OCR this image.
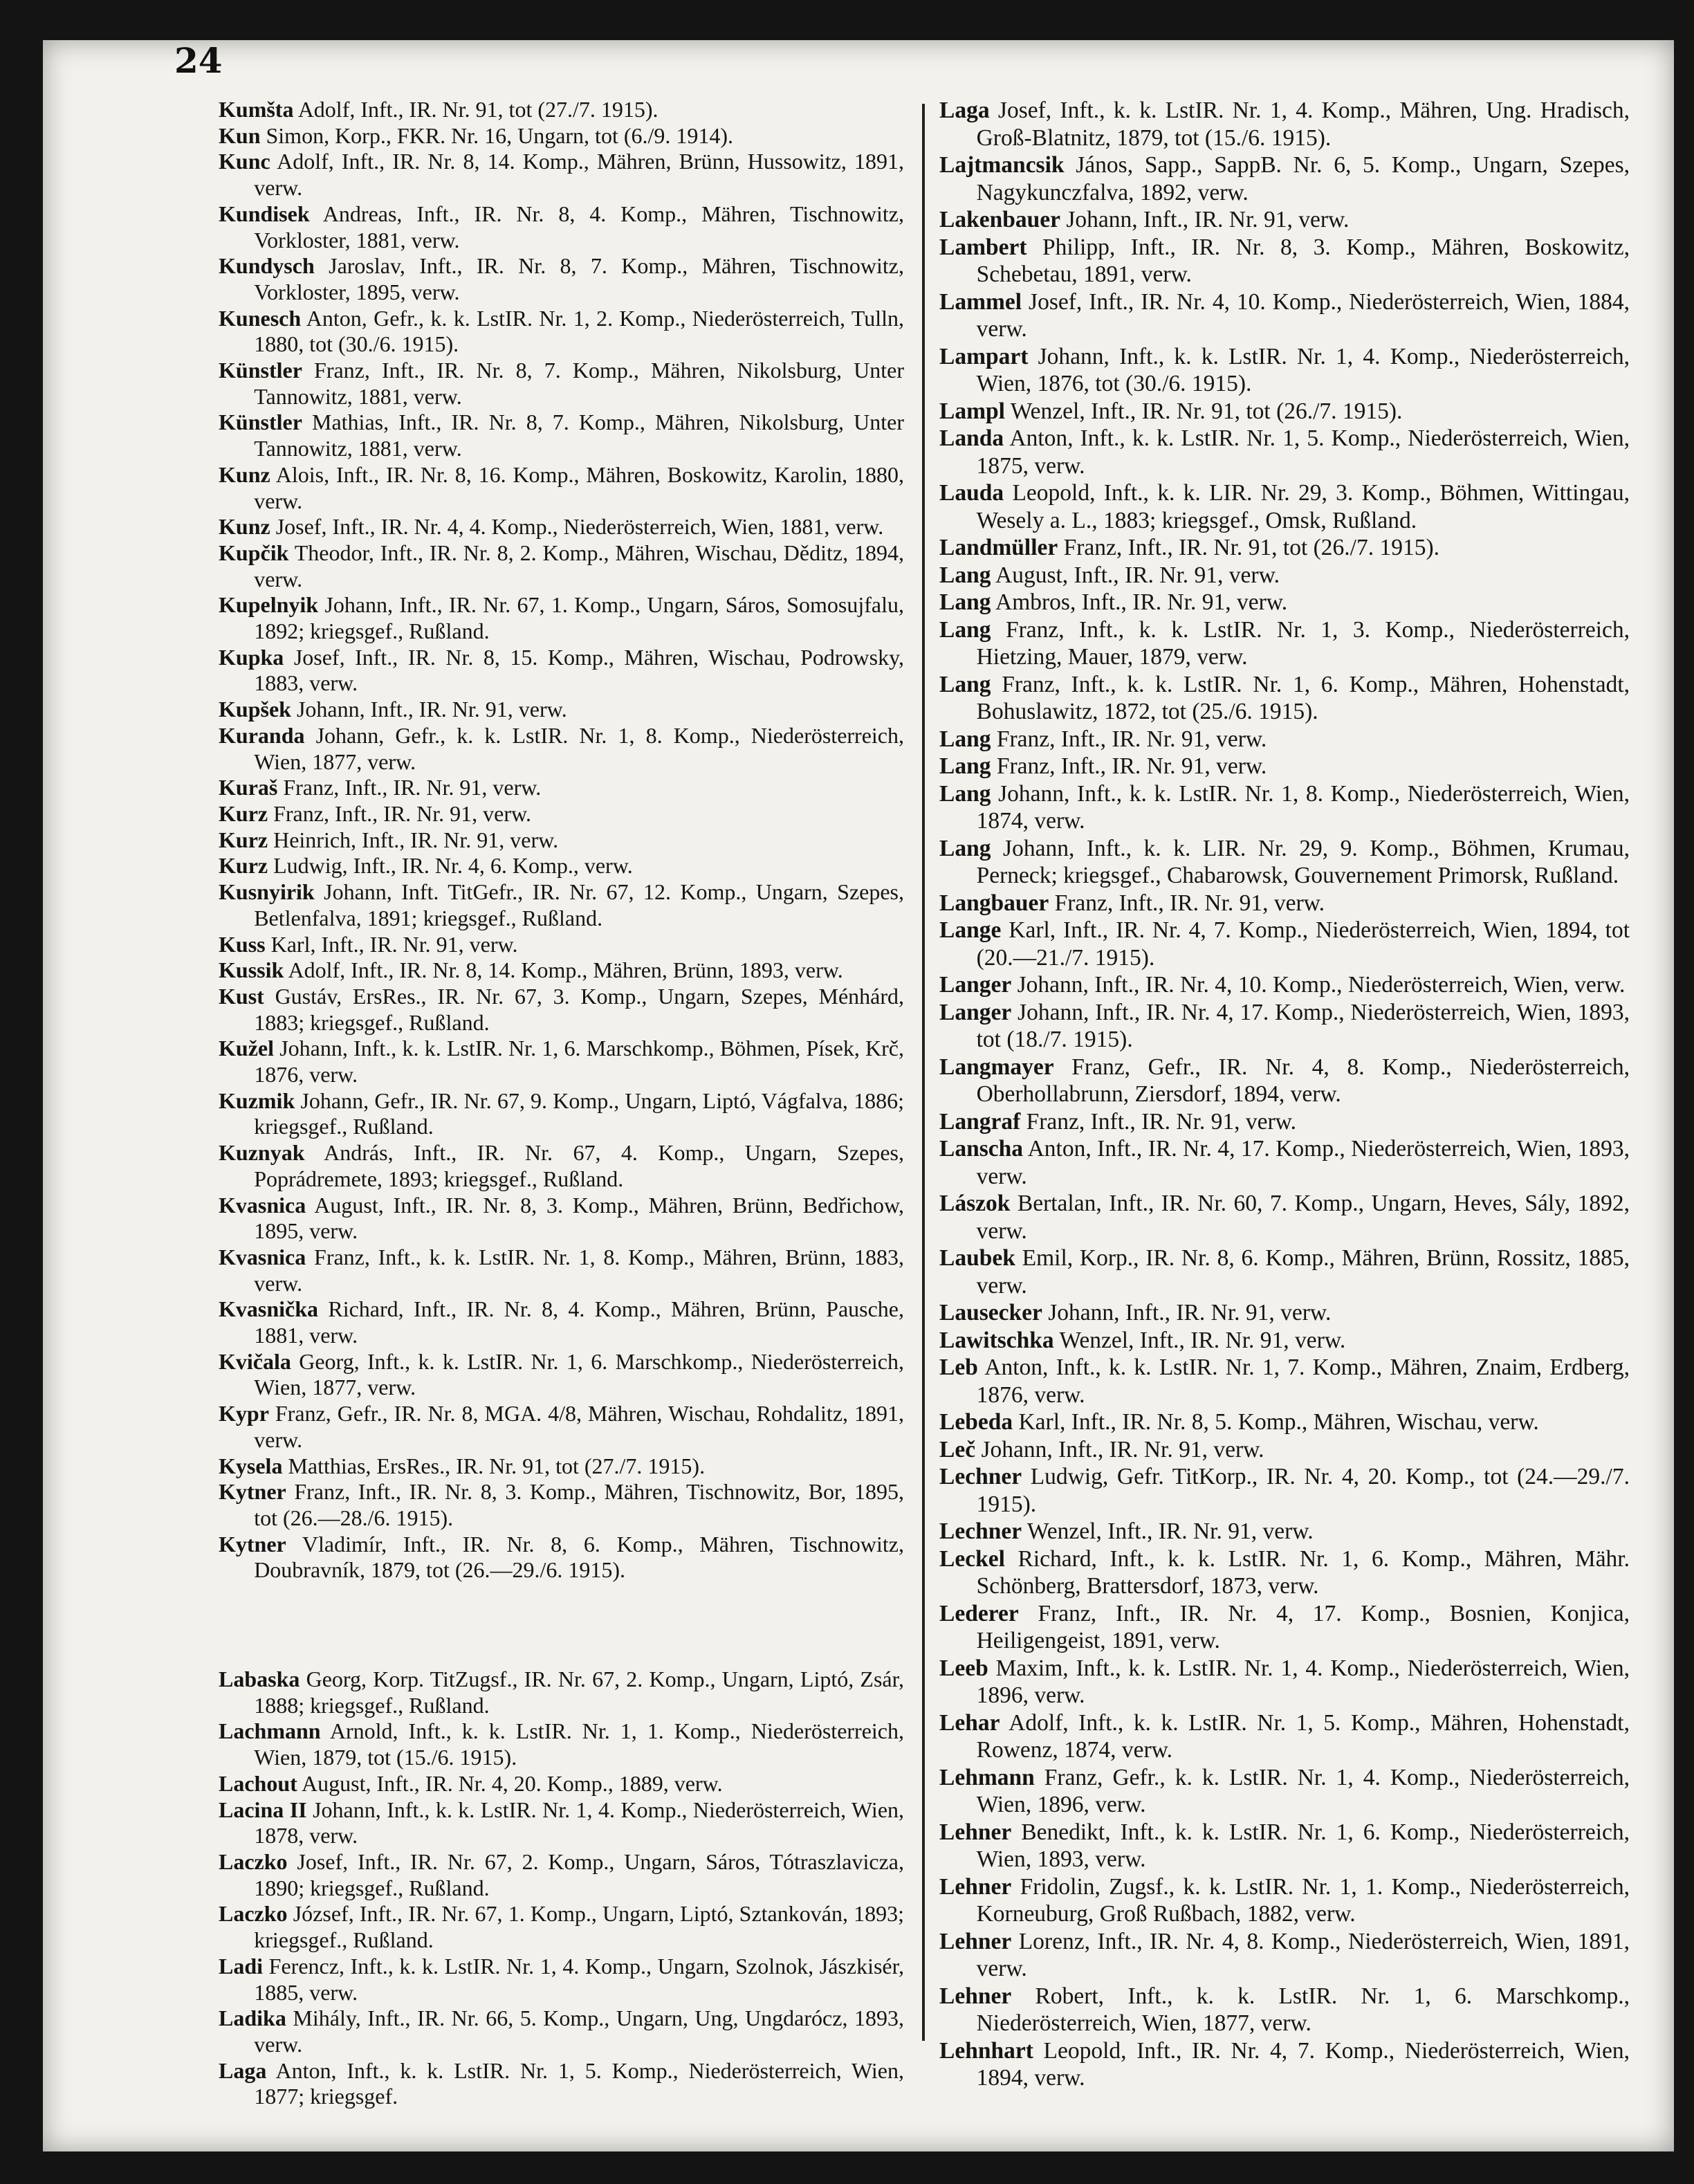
24

Kumšta Adolf, Inft., IR. Nr. 91, tot (27./7. 1915).

Kun Simon, Korp., FKR. Nr. 16, Ungarn, tot (6./9. 1914).

Kunc Adolf, Inft., IR. Nr. 8, 14. Komp., Mähren, Brünn, Hussowitz, 1891, verw.

Kundisek Andreas, Inft., IR. Nr. 8, 4. Komp., Mähren, Tischnowitz, Vorkloster, 1881, verw.

Kundysch Jaroslav, Inft., IR. Nr. 8, 7. Komp., Mähren, Tischnowitz, Vorkloster, 1895, verw.

Kunesch Anton, Gefr., k. k. LstIR. Nr. 1, 2. Komp., Niederösterreich, Tulln, 1880, tot (30./6. 1915).

Künstler Franz, Inft., IR. Nr. 8, 7. Komp., Mähren, Nikolsburg, Unter Tannowitz, 1881, verw.

Künstler Mathias, Inft., IR. Nr. 8, 7. Komp., Mähren, Nikolsburg, Unter Tannowitz, 1881, verw.

Kunz Alois, Inft., IR. Nr. 8, 16. Komp., Mähren, Boskowitz, Karolin, 1880, verw.

Kunz Josef, Inft., IR. Nr. 4, 4. Komp., Niederösterreich, Wien, 1881, verw.

Kupčik Theodor, Inft., IR. Nr. 8, 2. Komp., Mähren, Wischau, Děditz, 1894, verw.

Kupelnyik Johann, Inft., IR. Nr. 67, 1. Komp., Ungarn, Sáros, Somosujfalu, 1892; kriegsgef., Rußland.

Kupka Josef, Inft., IR. Nr. 8, 15. Komp., Mähren, Wischau, Podrowsky, 1883, verw.

Kupšek Johann, Inft., IR. Nr. 91, verw.

Kuranda Johann, Gefr., k. k. LstIR. Nr. 1, 8. Komp., Niederösterreich, Wien, 1877, verw.

Kuraš Franz, Inft., IR. Nr. 91, verw.

Kurz Franz, Inft., IR. Nr. 91, verw.

Kurz Heinrich, Inft., IR. Nr. 91, verw.

Kurz Ludwig, Inft., IR. Nr. 4, 6. Komp., verw.

Kusnyirik Johann, Inft. TitGefr., IR. Nr. 67, 12. Komp., Ungarn, Szepes, Betlenfalva, 1891; kriegsgef., Rußland.

Kuss Karl, Inft., IR. Nr. 91, verw.

Kussik Adolf, Inft., IR. Nr. 8, 14. Komp., Mähren, Brünn, 1893, verw.

Kust Gustáv, ErsRes., IR. Nr. 67, 3. Komp., Ungarn, Szepes, Ménhárd, 1883; kriegsgef., Rußland.

Kužel Johann, Inft., k. k. LstIR. Nr. 1, 6. Marschkomp., Böhmen, Písek, Krč, 1876, verw.

Kuzmik Johann, Gefr., IR. Nr. 67, 9. Komp., Ungarn, Liptó, Vágfalva, 1886; kriegsgef., Rußland.

Kuznyak András, Inft., IR. Nr. 67, 4. Komp., Ungarn, Szepes, Poprádremete, 1893; kriegsgef., Rußland.

Kvasnica August, Inft., IR. Nr. 8, 3. Komp., Mähren, Brünn, Bedřichow, 1895, verw.

Kvasnica Franz, Inft., k. k. LstIR. Nr. 1, 8. Komp., Mähren, Brünn, 1883, verw.

Kvasnička Richard, Inft., IR. Nr. 8, 4. Komp., Mähren, Brünn, Pausche, 1881, verw.

Kvičala Georg, Inft., k. k. LstIR. Nr. 1, 6. Marschkomp., Niederösterreich, Wien, 1877, verw.

Kypr Franz, Gefr., IR. Nr. 8, MGA. 4/8, Mähren, Wischau, Rohdalitz, 1891, verw.

Kysela Matthias, ErsRes., IR. Nr. 91, tot (27./7. 1915).

Kytner Franz, Inft., IR. Nr. 8, 3. Komp., Mähren, Tischnowitz, Bor, 1895, tot (26.—28./6. 1915).

Kytner Vladimír, Inft., IR. Nr. 8, 6. Komp., Mähren, Tischnowitz, Doubravník, 1879, tot (26.—29./6. 1915).

Labaska Georg, Korp. TitZugsf., IR. Nr. 67, 2. Komp., Ungarn, Liptó, Zsár, 1888; kriegsgef., Rußland.

Lachmann Arnold, Inft., k. k. LstIR. Nr. 1, 1. Komp., Niederösterreich, Wien, 1879, tot (15./6. 1915).

Lachout August, Inft., IR. Nr. 4, 20. Komp., 1889, verw.

Lacina II Johann, Inft., k. k. LstIR. Nr. 1, 4. Komp., Niederösterreich, Wien, 1878, verw.

Laczko Josef, Inft., IR. Nr. 67, 2. Komp., Ungarn, Sáros, Tótraszlavicza, 1890; kriegsgef., Rußland.

Laczko József, Inft., IR. Nr. 67, 1. Komp., Ungarn, Liptó, Sztankován, 1893; kriegsgef., Rußland.

Ladi Ferencz, Inft., k. k. LstIR. Nr. 1, 4. Komp., Ungarn, Szolnok, Jászkisér, 1885, verw.

Ladika Mihály, Inft., IR. Nr. 66, 5. Komp., Ungarn, Ung, Ungdarócz, 1893, verw.

Laga Anton, Inft., k. k. LstIR. Nr. 1, 5. Komp., Niederösterreich, Wien, 1877; kriegsgef.

Laga Josef, Inft., k. k. LstIR. Nr. 1, 4. Komp., Mähren, Ung. Hradisch, Groß-Blatnitz, 1879, tot (15./6. 1915).

Lajtmancsik János, Sapp., SappB. Nr. 6, 5. Komp., Ungarn, Szepes, Nagykunczfalva, 1892, verw.

Lakenbauer Johann, Inft., IR. Nr. 91, verw.

Lambert Philipp, Inft., IR. Nr. 8, 3. Komp., Mähren, Boskowitz, Schebetau, 1891, verw.

Lammel Josef, Inft., IR. Nr. 4, 10. Komp., Niederösterreich, Wien, 1884, verw.

Lampart Johann, Inft., k. k. LstIR. Nr. 1, 4. Komp., Niederösterreich, Wien, 1876, tot (30./6. 1915).

Lampl Wenzel, Inft., IR. Nr. 91, tot (26./7. 1915).

Landa Anton, Inft., k. k. LstIR. Nr. 1, 5. Komp., Niederösterreich, Wien, 1875, verw.

Lauda Leopold, Inft., k. k. LIR. Nr. 29, 3. Komp., Böhmen, Wittingau, Wesely a. L., 1883; kriegsgef., Omsk, Rußland.

Landmüller Franz, Inft., IR. Nr. 91, tot (26./7. 1915).

Lang August, Inft., IR. Nr. 91, verw.

Lang Ambros, Inft., IR. Nr. 91, verw.

Lang Franz, Inft., k. k. LstIR. Nr. 1, 3. Komp., Niederösterreich, Hietzing, Mauer, 1879, verw.

Lang Franz, Inft., k. k. LstIR. Nr. 1, 6. Komp., Mähren, Hohenstadt, Bohuslawitz, 1872, tot (25./6. 1915).

Lang Franz, Inft., IR. Nr. 91, verw.

Lang Franz, Inft., IR. Nr. 91, verw.

Lang Johann, Inft., k. k. LstIR. Nr. 1, 8. Komp., Niederösterreich, Wien, 1874, verw.

Lang Johann, Inft., k. k. LIR. Nr. 29, 9. Komp., Böhmen, Krumau, Perneck; kriegsgef., Chabarowsk, Gouvernement Primorsk, Rußland.

Langbauer Franz, Inft., IR. Nr. 91, verw.

Lange Karl, Inft., IR. Nr. 4, 7. Komp., Niederösterreich, Wien, 1894, tot (20.—21./7. 1915).

Langer Johann, Inft., IR. Nr. 4, 10. Komp., Niederösterreich, Wien, verw.

Langer Johann, Inft., IR. Nr. 4, 17. Komp., Niederösterreich, Wien, 1893, tot (18./7. 1915).

Langmayer Franz, Gefr., IR. Nr. 4, 8. Komp., Niederösterreich, Oberhollabrunn, Ziersdorf, 1894, verw.

Langraf Franz, Inft., IR. Nr. 91, verw.

Lanscha Anton, Inft., IR. Nr. 4, 17. Komp., Niederösterreich, Wien, 1893, verw.

Lászok Bertalan, Inft., IR. Nr. 60, 7. Komp., Ungarn, Heves, Sály, 1892, verw.

Laubek Emil, Korp., IR. Nr. 8, 6. Komp., Mähren, Brünn, Rossitz, 1885, verw.

Lausecker Johann, Inft., IR. Nr. 91, verw.

Lawitschka Wenzel, Inft., IR. Nr. 91, verw.

Leb Anton, Inft., k. k. LstIR. Nr. 1, 7. Komp., Mähren, Znaim, Erdberg, 1876, verw.

Lebeda Karl, Inft., IR. Nr. 8, 5. Komp., Mähren, Wischau, verw.

Leč Johann, Inft., IR. Nr. 91, verw.

Lechner Ludwig, Gefr. TitKorp., IR. Nr. 4, 20. Komp., tot (24.—29./7. 1915).

Lechner Wenzel, Inft., IR. Nr. 91, verw.

Leckel Richard, Inft., k. k. LstIR. Nr. 1, 6. Komp., Mähren, Mähr. Schönberg, Brattersdorf, 1873, verw.

Lederer Franz, Inft., IR. Nr. 4, 17. Komp., Bosnien, Konjica, Heiligengeist, 1891, verw.

Leeb Maxim, Inft., k. k. LstIR. Nr. 1, 4. Komp., Niederösterreich, Wien, 1896, verw.

Lehar Adolf, Inft., k. k. LstIR. Nr. 1, 5. Komp., Mähren, Hohenstadt, Rowenz, 1874, verw.

Lehmann Franz, Gefr., k. k. LstIR. Nr. 1, 4. Komp., Niederösterreich, Wien, 1896, verw.

Lehner Benedikt, Inft., k. k. LstIR. Nr. 1, 6. Komp., Niederösterreich, Wien, 1893, verw.

Lehner Fridolin, Zugsf., k. k. LstIR. Nr. 1, 1. Komp., Niederösterreich, Korneuburg, Groß Rußbach, 1882, verw.

Lehner Lorenz, Inft., IR. Nr. 4, 8. Komp., Niederösterreich, Wien, 1891, verw.

Lehner Robert, Inft., k. k. LstIR. Nr. 1, 6. Marschkomp., Niederösterreich, Wien, 1877, verw.

Lehnhart Leopold, Inft., IR. Nr. 4, 7. Komp., Niederösterreich, Wien, 1894, verw.
